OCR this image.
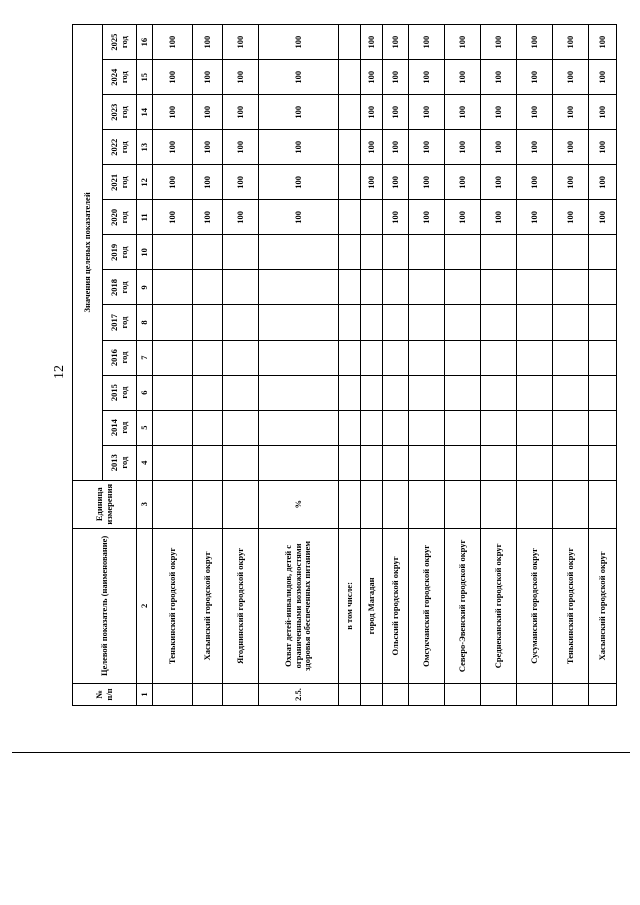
12
№ п/п	Целевой показатель (наименование)	Единица измерения	Значения целевых показателей												
			2013 год	2014 год	2015 год	2016 год	2017 год	2018 год	2019 год	2020 год	2021 год	2022 год	2023 год	2024 год	2025 год
1	2	3	4	5	6	7	8	9	10	11	12	13	14	15	16
	Тенькинский городской округ									100	100	100	100	100	100
	Хасынский городской округ									100	100	100	100	100	100
	Ягоднинский городской округ									100	100	100	100	100	100
2.5.	Охват детей-инвалидов, детей с ограниченными возможностями здоровья обеспеченных питанием	%								100	100	100	100	100	100
	в том числе:														
	город Магадан										100	100	100	100	100
	Ольский городской округ									100	100	100	100	100	100
	Омсукчанский городской округ									100	100	100	100	100	100
	Северо-Эвенский городской округ									100	100	100	100	100	100
	Среднеканский городской округ									100	100	100	100	100	100
	Сусуманский городской округ									100	100	100	100	100	100
	Тенькинский городской округ									100	100	100	100	100	100
	Хасынский городской округ									100	100	100	100	100	100
